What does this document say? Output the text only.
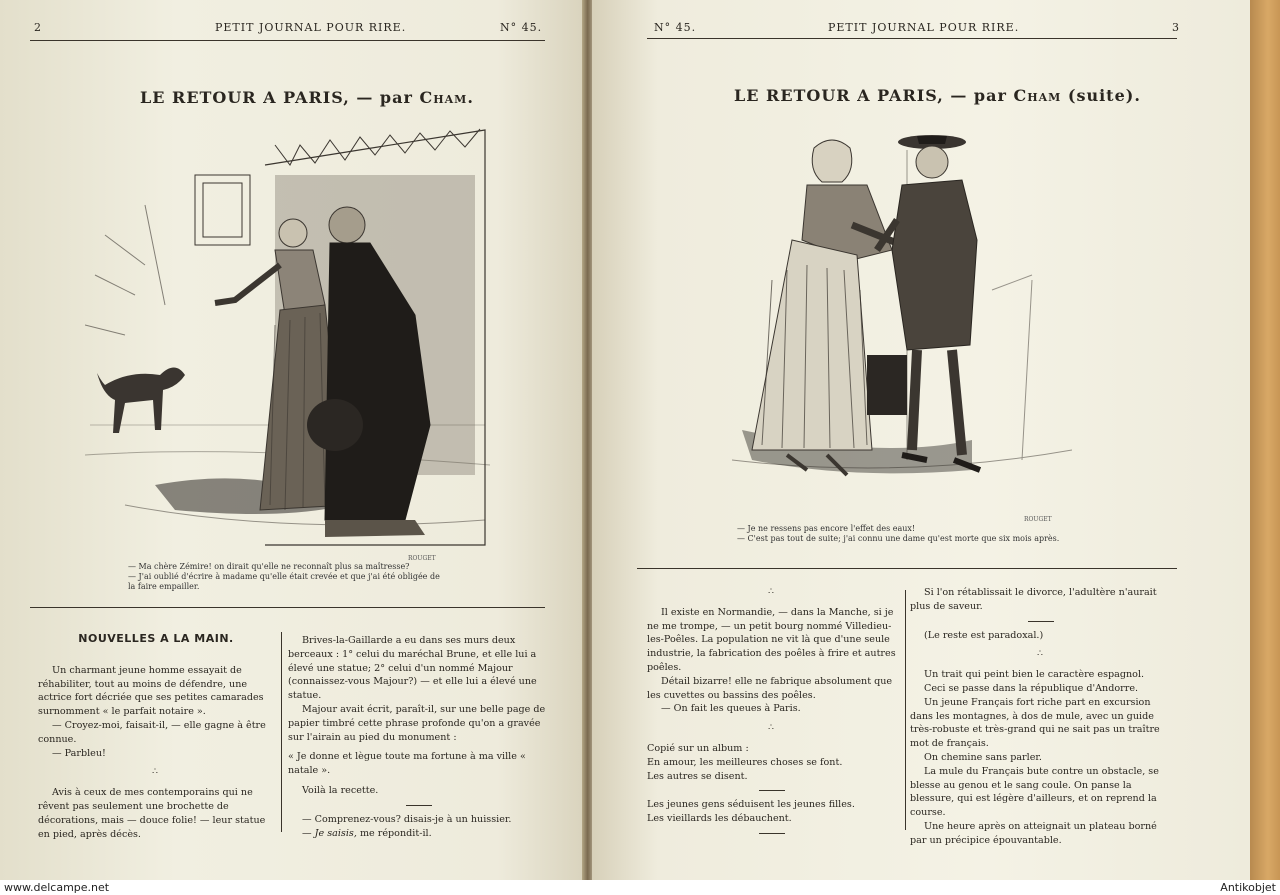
2	PETIT JOURNAL POUR RIRE.	N° 45.
LE RETOUR A PARIS, — par Cham.
ROUGET
— Ma chère Zémire! on dirait qu'elle ne reconnaît plus sa maîtresse?
— J'ai oublié d'écrire à madame qu'elle était crevée et que j'ai été obligée de
la faire empailler.
NOUVELLES A LA MAIN.

Un charmant jeune homme essayait de réhabiliter, tout au moins de défendre, une actrice fort décriée que ses petites camarades surnomment « le parfait notaire ».

— Croyez-moi, faisait-il, — elle gagne à être connue.

— Parbleu!

∴

Avis à ceux de mes contemporains qui ne rêvent pas seulement une brochette de décorations, mais — douce folie! — leur statue en pied, après décès.

Brives-la-Gaillarde a eu dans ses murs deux berceaux : 1° celui du maréchal Brune, et elle lui a élevé une statue; 2° celui d'un nommé Majour (connaissez-vous Majour?) — et elle lui a élevé une statue.

Majour avait écrit, paraît-il, sur une belle page de papier timbré cette phrase profonde qu'on a gravée sur l'airain au pied du monument :

« Je donne et lègue toute ma fortune à ma ville « natale ».

Voilà la recette.

— Comprenez-vous? disais-je à un huissier.

— Je saisis, me répondit-il.

N° 45.	PETIT JOURNAL POUR RIRE.	3
LE RETOUR A PARIS, — par Cham (suite).
ROUGET
— Je ne ressens pas encore l'effet des eaux!
— C'est pas tout de suite; j'ai connu une dame qu'est morte que six mois après.
∴

Il existe en Normandie, — dans la Manche, si je ne me trompe, — un petit bourg nommé Villedieu-les-Poêles. La population ne vit là que d'une seule industrie, la fabrication des poêles à frire et autres poêles.

Détail bizarre! elle ne fabrique absolument que les cuvettes ou bassins des poêles.

— On fait les queues à Paris.

∴

Copié sur un album :

En amour, les meilleures choses se font.

Les autres se disent.

Les jeunes gens séduisent les jeunes filles.

Les vieillards les débauchent.

Si l'on rétablissait le divorce, l'adultère n'aurait plus de saveur.

(Le reste est paradoxal.)

∴

Un trait qui peint bien le caractère espagnol.

Ceci se passe dans la république d'Andorre.

Un jeune Français fort riche part en excursion dans les montagnes, à dos de mule, avec un guide très-robuste et très-grand qui ne sait pas un traître mot de français.

On chemine sans parler.

La mule du Français bute contre un obstacle, se blesse au genou et le sang coule. On panse la blessure, qui est légère d'ailleurs, et on reprend la course.

Une heure après on atteignait un plateau borné par un précipice épouvantable.

www.delcampe.net	Antikobjet
